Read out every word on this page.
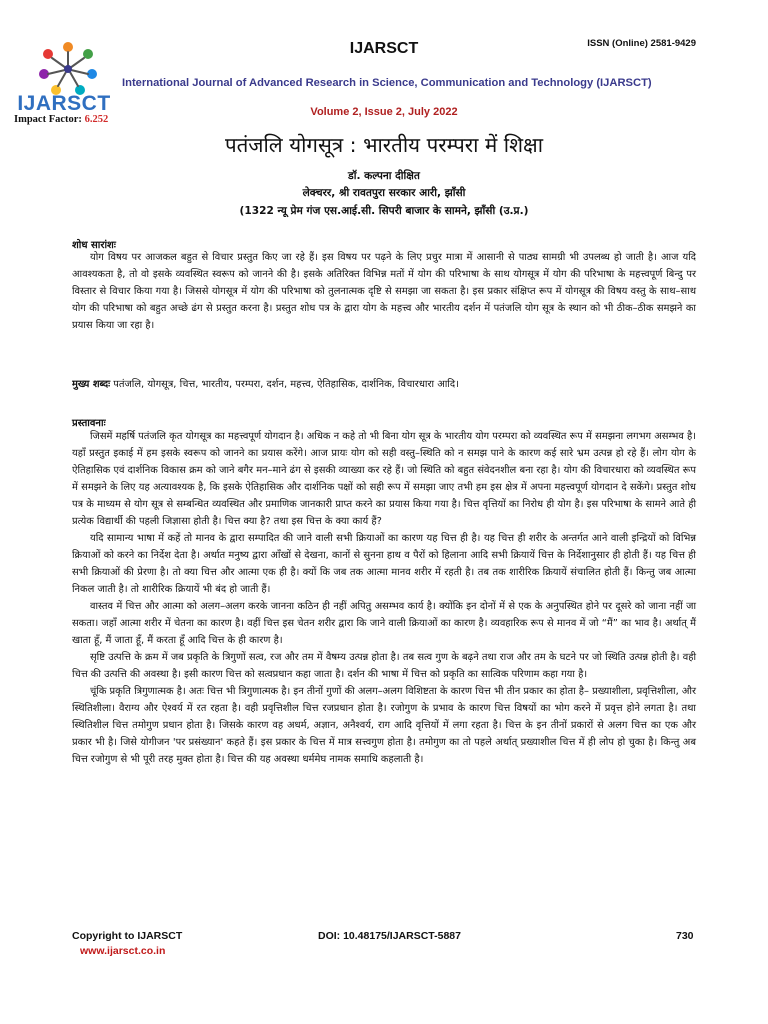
IJARSCT
Impact Factor: 6.252
IJARSCT	ISSN (Online) 2581-9429
International Journal of Advanced Research in Science, Communication and Technology (IJARSCT)
Volume 2, Issue 2, July 2022
पतंजलि योगसूत्र : भारतीय परम्परा में शिक्षा
डॉ. कल्पना दीक्षित
लेक्चरर, श्री रावतपुरा सरकार आरी, झाँसी
(1322 न्यू प्रेम गंज एस.आई.सी. सिपरी बाजार के सामने, झाँसी (उ.प्र.)
शोध सारांशः

योग विषय पर आजकल बहुत से विचार प्रस्तुत किए जा रहे हैं। इस विषय पर पढ़ने के लिए प्रचुर मात्रा में आसानी से पाठ्य सामग्री भी उपलब्ध हो जाती है। आज यदि आवश्यकता है, तो वो इसके व्यवस्थित स्वरूप को जानने की है। इसके अतिरिक्त विभिन्न मतों में योग की परिभाषा के साथ योगसूत्र में योग की परिभाषा के महत्त्वपूर्ण बिन्दु पर विस्तार से विचार किया गया है। जिससे योगसूत्र में योग की परिभाषा को तुलनात्मक दृष्टि से समझा जा सकता है। इस प्रकार संक्षिप्त रूप में योगसूत्र की विषय वस्तु के साथ–साथ योग की परिभाषा को बहुत अच्छे ढंग से प्रस्तुत करना है। प्रस्तुत शोध पत्र के द्वारा योग के महत्त्व और भारतीय दर्शन में पतंजलि योग सूत्र के स्थान को भी ठीक–ठीक समझने का प्रयास किया जा रहा है।

मुख्य शब्दः पतंजलि, योगसूत्र, चित्त, भारतीय, परम्परा, दर्शन, महत्त्व, ऐतिहासिक, दार्शनिक, विचारधारा आदि।
प्रस्तावनाः

जिसमें महर्षि पतंजलि कृत योगसूत्र का महत्त्वपूर्ण योगदान है। अधिक न कहे तो भी बिना योग सूत्र के भारतीय योग परम्परा को व्यवस्थित रूप में समझना लगभग असम्भव है। यहाँ प्रस्तुत इकाई में हम इसके स्वरूप को जानने का प्रयास करेंगे। आज प्रायः योग को सही वस्तु–स्थिति को न समझ पाने के कारण कई सारे भ्रम उत्पन्न हो रहे हैं। लोग योग के ऐतिहासिक एवं दार्शनिक विकास क्रम को जाने बगैर मन–माने ढंग से इसकी व्याख्या कर रहे हैं। जो स्थिति को बहुत संवेदनशील बना रहा है। योग की विचारधारा को व्यवस्थित रूप में समझने के लिए यह अत्यावश्यक है, कि इसके ऐतिहासिक और दार्शनिक पक्षों को सही रूप में समझा जाए तभी हम इस क्षेत्र में अपना महत्त्वपूर्ण योगदान दे सकेंगे। प्रस्तुत शोध पत्र के माध्यम से योग सूत्र से सम्बन्धित व्यवस्थित और प्रमाणिक जानकारी प्राप्त करने का प्रयास किया गया है। चित्त वृत्तियों का निरोध ही योग है। इस परिभाषा के सामने आते ही प्रत्येक विद्यार्थी की पहली जिज्ञासा होती है। चित्त क्या है? तथा इस चित्त के क्या कार्य हैं?

यदि सामान्य भाषा में कहें तो मानव के द्वारा सम्पादित की जाने वाली सभी क्रियाओं का कारण यह चित्त ही है। यह चित्त ही शरीर के अन्तर्गत आने वाली इन्द्रियों को विभिन्न क्रियाओं को करने का निर्देश देता है। अर्थात मनुष्य द्वारा आँखों से देखना, कानों से सुनना हाथ व पैरों को हिलाना आदि सभी क्रियायें चित्त के निर्देशानुसार ही होती हैं। यह चित्त ही सभी क्रियाओं की प्रेरणा है। तो क्या चित्त और आत्मा एक ही है। क्यों कि जब तक आत्मा मानव शरीर में रहती है। तब तक शारीरिक क्रियायें संचालित होती हैं। किन्तु जब आत्मा निकल जाती है। तो शारीरिक क्रियायें भी बंद हो जाती हैं।

वास्तव में चित्त और आत्मा को अलग–अलग करके जानना कठिन ही नहीं अपितु असम्भव कार्य है। क्योंकि इन दोनों में से एक के अनुपस्थित होने पर दूसरे को जाना नहीं जा सकता। जहाँ आत्मा शरीर में चेतना का कारण है। वहीं चित्त इस चेतन शरीर द्वारा कि जाने वाली क्रियाओं का कारण है। व्यवहारिक रूप से मानव में जो “मैं” का भाव है। अर्थात् मैं खाता हूँ, मैं जाता हूँ, मैं करता हूँ आदि चित्त के ही कारण है।

सृष्टि उत्पत्ति के क्रम में जब प्रकृति के त्रिगुणों सत्व, रज और तम में वैषम्य उत्पन्न होता है। तब सत्व गुण के बढ़ने तथा राज और तम के घटने पर जो स्थिति उत्पन्न होती है। वही चित्त की उत्पत्ति की अवस्था है। इसी कारण चित्त को सत्वप्रधान कहा जाता है। दर्शन की भाषा में चित्त को प्रकृति का सात्विक परिणाम कहा गया है।

चूंकि प्रकृति त्रिगुणात्मक है। अतः चित्त भी त्रिगुणात्मक है। इन तीनों गुणों की अलग–अलग विशिष्टता के कारण चित्त भी तीन प्रकार का होता है– प्रख्याशीला, प्रवृत्तिशीला, और स्थितिशीला। वैराग्य और ऐश्वर्य में रत रहता है। वही प्रवृत्तिशील चित्त रजप्रधान होता है। रजोगुण के प्रभाव के कारण चित्त विषयों का भोग करने में प्रवृत्त होने लगता है। तथा स्थितिशील चित्त तमोगुण प्रधान होता है। जिसके कारण वह अधर्म, अज्ञान, अनैश्वर्य, राग आदि वृत्तियों में लगा रहता है। चित्त के इन तीनों प्रकारों से अलग चित्त का एक और प्रकार भी है। जिसे योगीजन 'पर प्रसंख्यान' कहते हैं। इस प्रकार के चित्त में मात्र सत्त्वगुण होता है। तमोगुण का तो पहले अर्थात् प्रख्याशील चित्त में ही लोप हो चुका है। किन्तु अब चित्त रजोगुण से भी पूरी तरह मुक्त होता है। चित्त की यह अवस्था धर्ममेघ नामक समाधि कहलाती है।

Copyright to IJARSCT
www.ijarsct.co.in
DOI: 10.48175/IJARSCT-5887	730
